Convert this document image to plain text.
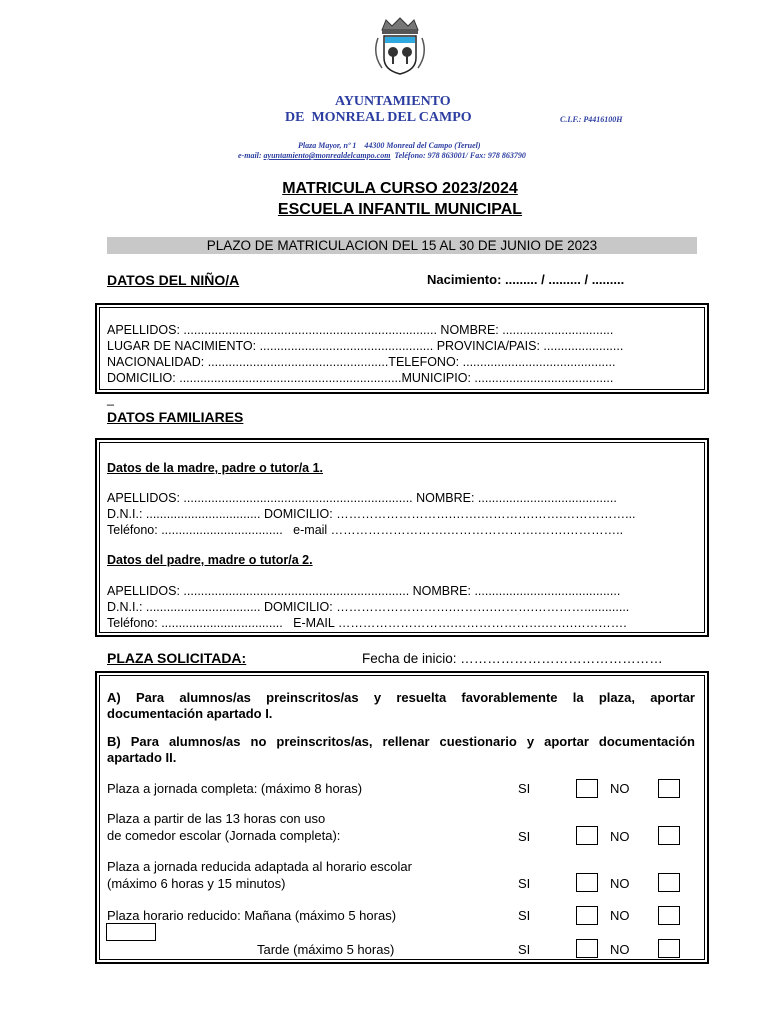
AYUNTAMIENTO
DE  MONREAL DEL CAMPO	C.I.F.: P4416100H
Plaza Mayor, nº 1    44300 Monreal del Campo (Teruel)
e-mail: ayuntamiento@monrealdelcampo.com  Teléfono: 978 863001/ Fax: 978 863790
MATRICULA CURSO 2023/2024
ESCUELA INFANTIL MUNICIPAL
PLAZO DE MATRICULACION DEL 15 AL 30 DE JUNIO DE 2023
DATOS DEL NIÑO/A	Nacimiento: ......... / ......... / .........
APELLIDOS: ......................................................................... NOMBRE: ................................
LUGAR DE NACIMIENTO: .................................................. PROVINCIA/PAIS: .......................
NACIONALIDAD: ....................................................TELEFONO: ............................................
DOMICILIO: ................................................................MUNICIPIO: ........................................
_
DATOS FAMILIARES
Datos de la madre, padre o tutor/a 1.
APELLIDOS: .................................................................. NOMBRE: ........................................
D.N.I.: ................................. DOMICILIO: ……………………….…….………….…….……………...
Teléfono: ...................................   e-mail ……………………….………………….…….…………..
Datos del padre, madre o tutor/a 2.
APELLIDOS: ................................................................. NOMBRE: ..........................................
D.N.I.: ................................. DOMICILIO: ……………………….……….……….………….............
Teléfono: ...................................   E-MAIL ……………………….………………….…….………….
PLAZA SOLICITADA:	Fecha de inicio: ………………………………………
A) Para alumnos/as preinscritos/as y resuelta favorablemente la plaza, aportar
documentación apartado I.
B) Para alumnos/as no preinscritos/as, rellenar cuestionario y aportar documentación
apartado II.
Plaza a jornada completa: (máximo 8 horas)	SI	NO
Plaza a partir de las 13 horas con uso
de comedor escolar (Jornada completa):	SI	NO
Plaza a jornada reducida adaptada al horario escolar
(máximo 6 horas y 15 minutos)	SI	NO
Plaza horario reducido: Mañana (máximo 5 horas)	SI	NO
Tarde (máximo 5 horas)	SI	NO
